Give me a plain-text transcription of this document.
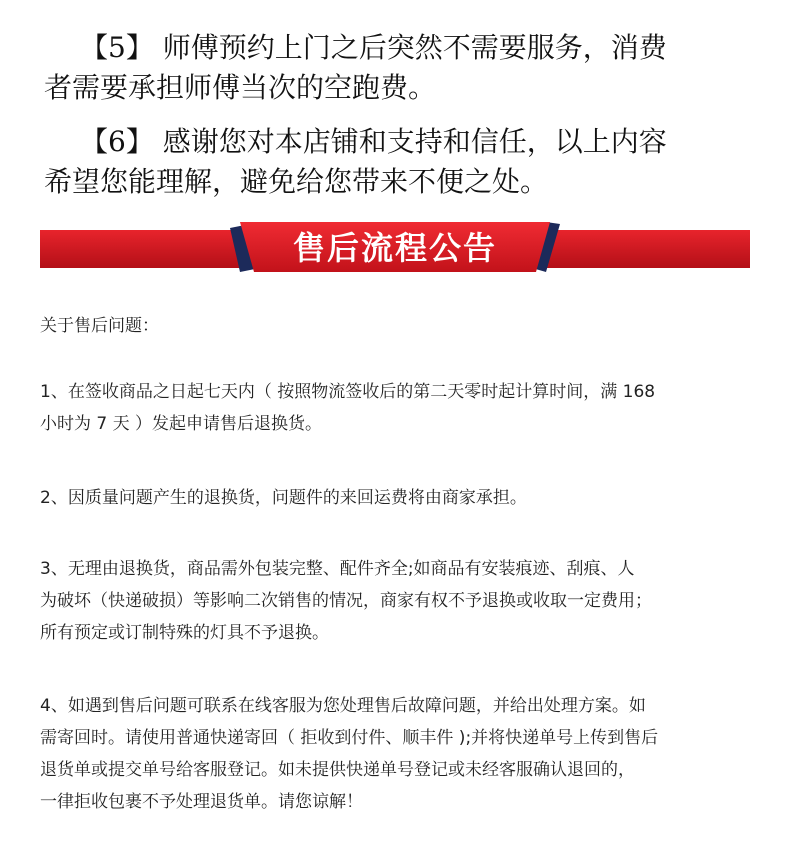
【5】 师傅预约上门之后突然不需要服务，消费
者需要承担师傅当次的空跑费。

【6】 感谢您对本店铺和支持和信任，以上内容
希望您能理解，避免给您带来不便之处。

售后流程公告

关于售后问题：

1、在签收商品之日起七天内（ 按照物流签收后的第二天零时起计算时间，满 168
小时为 7 天 ）发起申请售后退换货。

2、因质量问题产生的退换货，问题件的来回运费将由商家承担。

3、无理由退换货，商品需外包装完整、配件齐全;如商品有安装痕迹、刮痕、人
为破坏（快递破损）等影响二次销售的情况，商家有权不予退换或收取一定费用；
所有预定或订制特殊的灯具不予退换。

4、如遇到售后问题可联系在线客服为您处理售后故障问题，并给出处理方案。如
需寄回时。请使用普通快递寄回（ 拒收到付件、顺丰件 );并将快递单号上传到售后
退货单或提交单号给客服登记。如未提供快递单号登记或未经客服确认退回的，
一律拒收包裹不予处理退货单。请您谅解！
